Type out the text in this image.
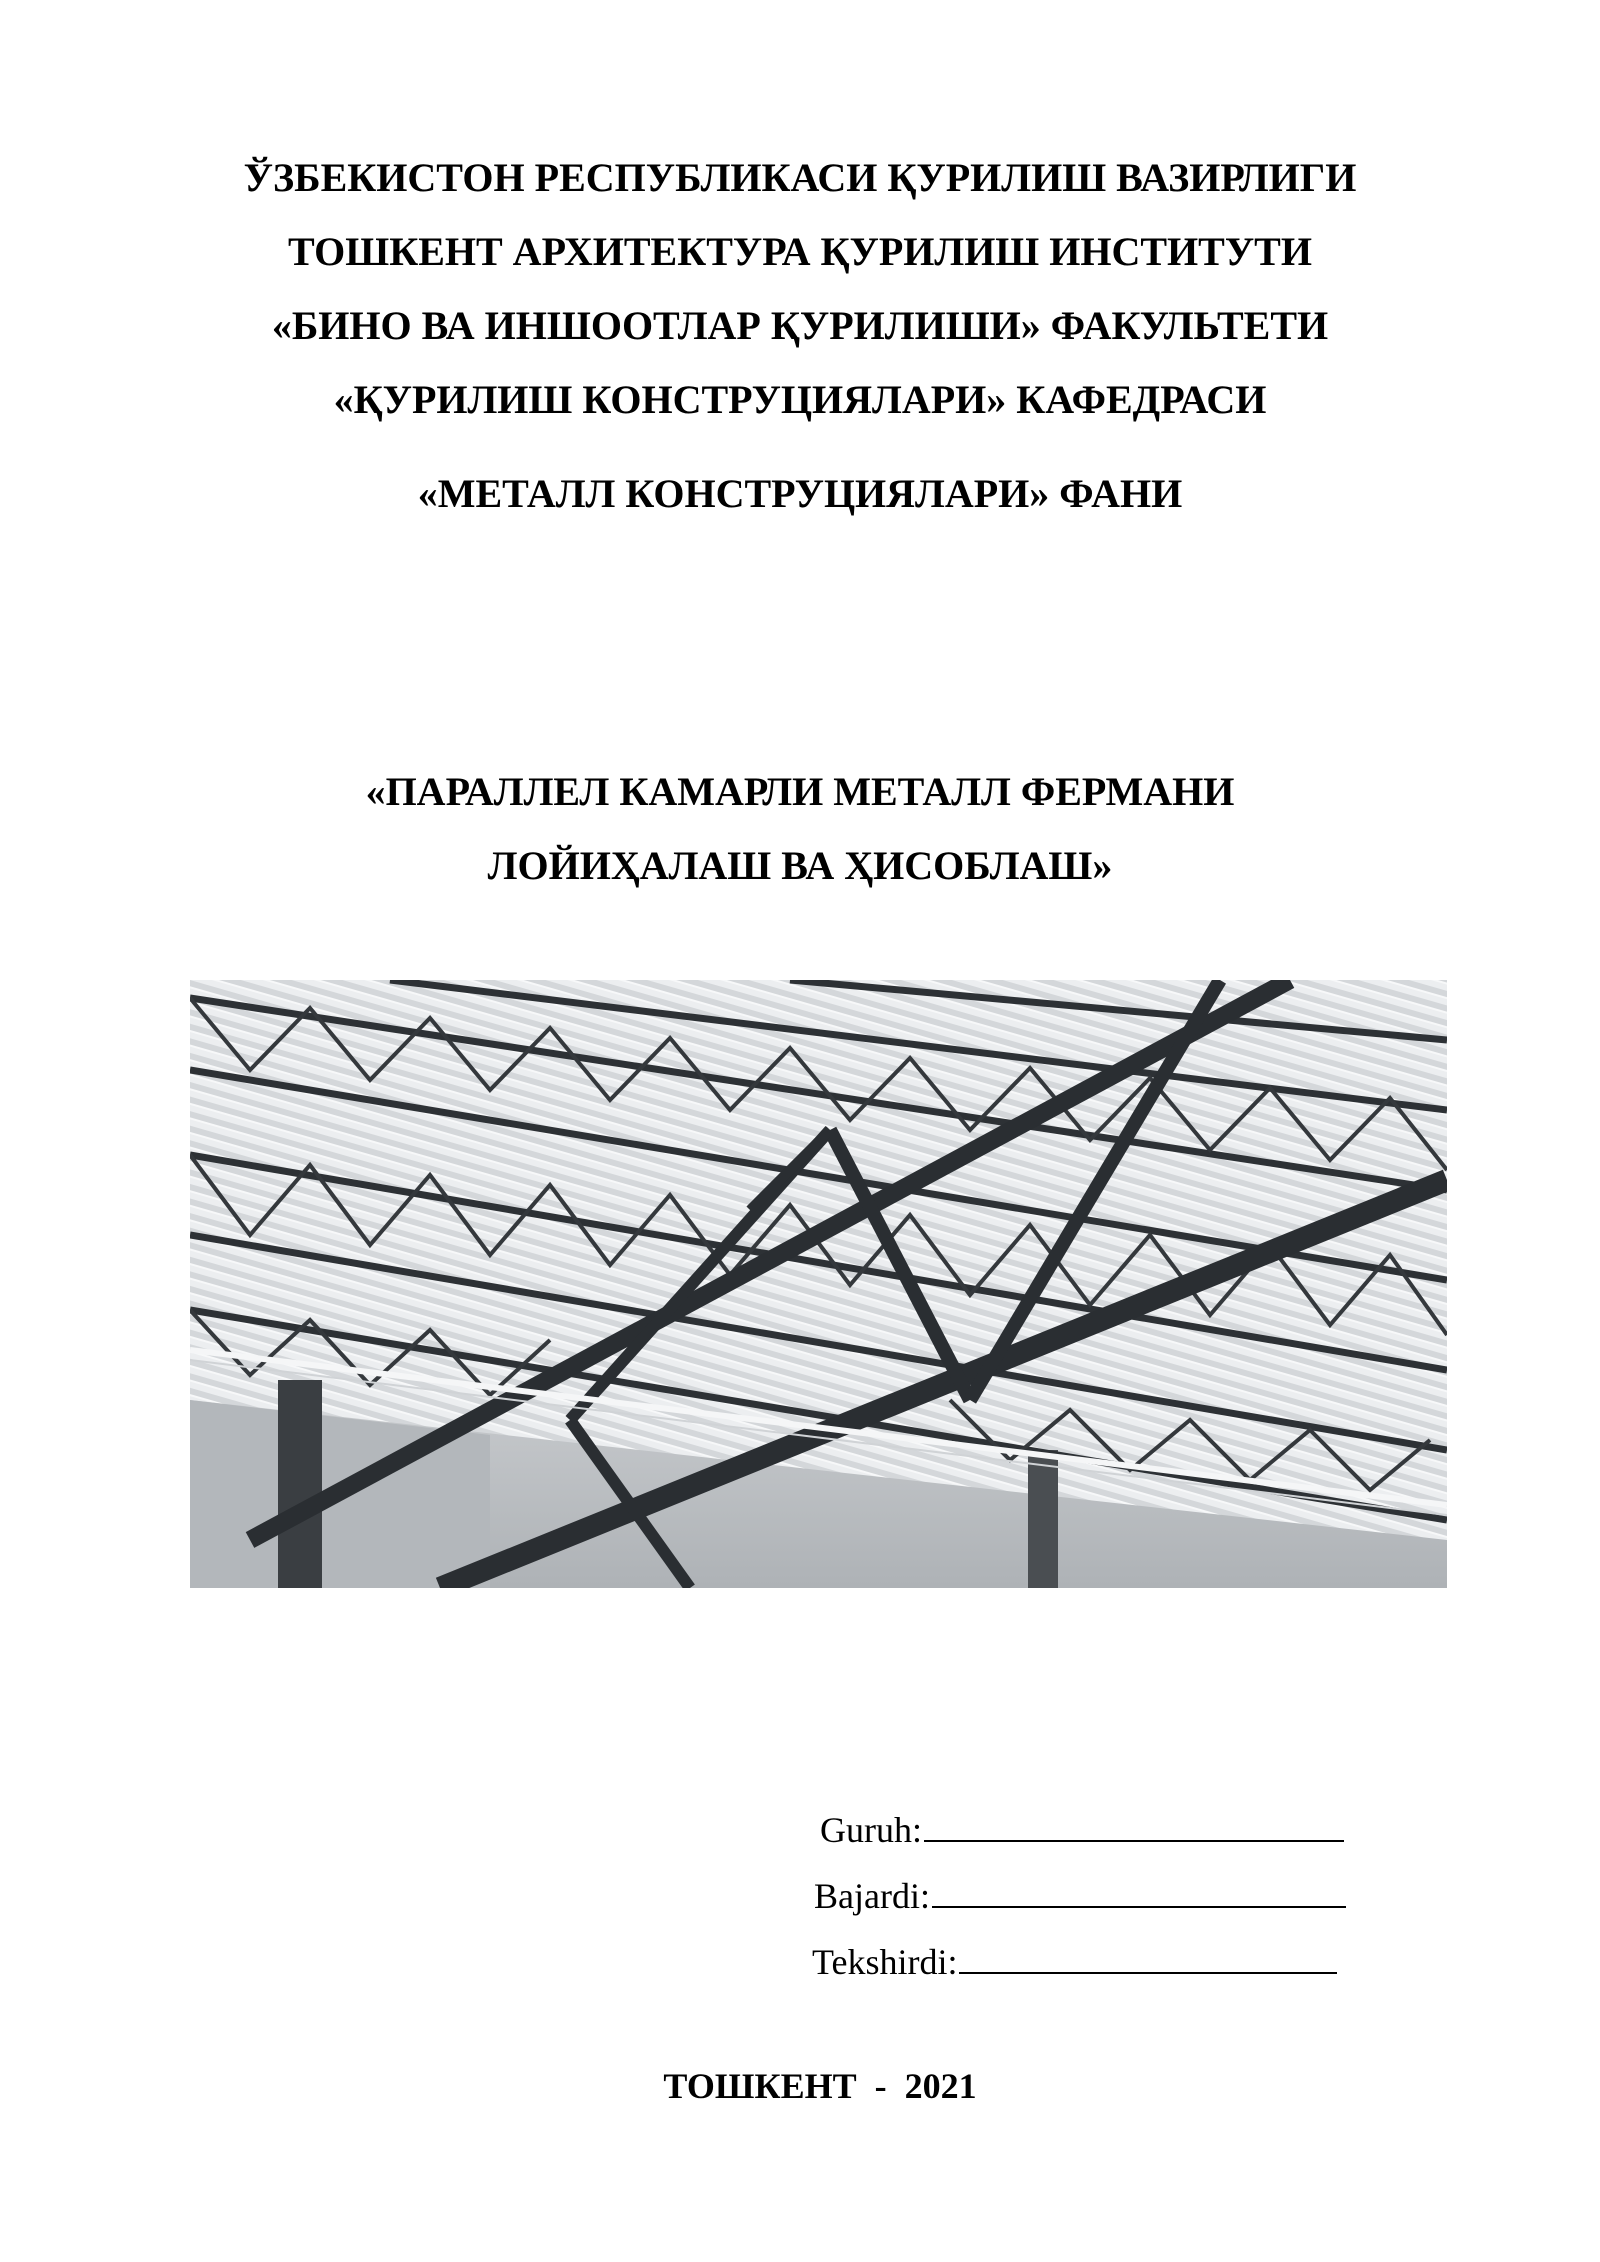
ЎЗБЕКИСТОН РЕСПУБЛИКАСИ ҚУРИЛИШ ВАЗИРЛИГИ
ТОШКЕНТ АРХИТЕКТУРА ҚУРИЛИШ ИНСТИТУТИ
«БИНО ВА ИНШООТЛАР ҚУРИЛИШИ» ФАКУЛЬТЕТИ
«ҚУРИЛИШ КОНСТРУЦИЯЛАРИ» КАФЕДРАСИ
«МЕТАЛЛ КОНСТРУЦИЯЛАРИ» ФАНИ
«ПАРАЛЛЕЛ КАМАРЛИ МЕТАЛЛ ФЕРМАНИ
ЛОЙИҲАЛАШ ВА ҲИСОБЛАШ»
Guruh:
Bajardi:
Tekshirdi:
ТОШКЕНТ  -  2021
